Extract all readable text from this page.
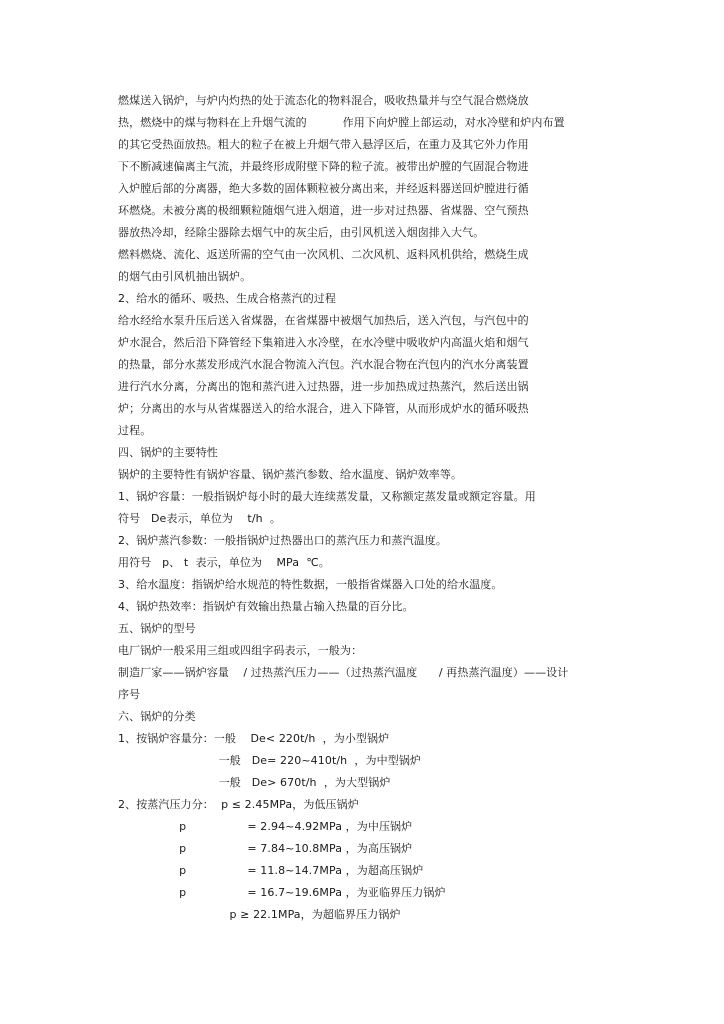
燃煤送入锅炉，与炉内灼热的处于流态化的物料混合，吸收热量并与空气混合燃烧放
热，燃烧中的煤与物料在上升烟气流的          作用下向炉膛上部运动，对水冷壁和炉内布置
的其它受热面放热。粗大的粒子在被上升烟气带入悬浮区后，在重力及其它外力作用
下不断减速偏离主气流，并最终形成附壁下降的粒子流。被带出炉膛的气固混合物进
入炉膛后部的分离器，绝大多数的固体颗粒被分离出来，并经返料器送回炉膛进行循
环燃烧。未被分离的极细颗粒随烟气进入烟道，进一步对过热器、省煤器、空气预热
器放热冷却，经除尘器除去烟气中的灰尘后，由引风机送入烟囱排入大气。
燃料燃烧、流化、返送所需的空气由一次风机、二次风机、返料风机供给，燃烧生成
的烟气由引风机抽出锅炉。
2、给水的循环、吸热、生成合格蒸汽的过程
给水经给水泵升压后送入省煤器，在省煤器中被烟气加热后，送入汽包，与汽包中的
炉水混合，然后沿下降管经下集箱进入水冷壁，在水冷壁中吸收炉内高温火焰和烟气
的热量，部分水蒸发形成汽水混合物流入汽包。汽水混合物在汽包内的汽水分离装置
进行汽水分离，分离出的饱和蒸汽进入过热器，进一步加热成过热蒸汽，然后送出锅
炉；分离出的水与从省煤器送入的给水混合，进入下降管，从而形成炉水的循环吸热
过程。
四、锅炉的主要特性
锅炉的主要特性有锅炉容量、锅炉蒸汽参数、给水温度、锅炉效率等。
1、锅炉容量：一般指锅炉每小时的最大连续蒸发量，又称额定蒸发量或额定容量。用
符号   De表示，单位为    t/h  。
2、锅炉蒸汽参数：一般指锅炉过热器出口的蒸汽压力和蒸汽温度。
用符号   p、 t  表示，单位为    MPa  ℃。
3、给水温度：指锅炉给水规范的特性数据，一般指省煤器入口处的给水温度。
4、锅炉热效率：指锅炉有效输出热量占输入热量的百分比。
五、锅炉的型号
电厂锅炉一般采用三组或四组字码表示，一般为：
制造厂家——锅炉容量    / 过热蒸汽压力——（过热蒸汽温度      / 再热蒸汽温度）——设计
序号
六、锅炉的分类
1、按锅炉容量分：一般    De< 220t/h  ，为小型锅炉
一般   De= 220~410t/h  ，为中型锅炉
一般   De> 670t/h  ，为大型锅炉
2、按蒸汽压力分：  p ≤ 2.45MPa，为低压锅炉
p                 = 2.94~4.92MPa ，为中压锅炉
p                 = 7.84~10.8MPa ，为高压锅炉
p                 = 11.8~14.7MPa ，为超高压锅炉
p                 = 16.7~19.6MPa ，为亚临界压力锅炉
p ≥ 22.1MPa，为超临界压力锅炉
